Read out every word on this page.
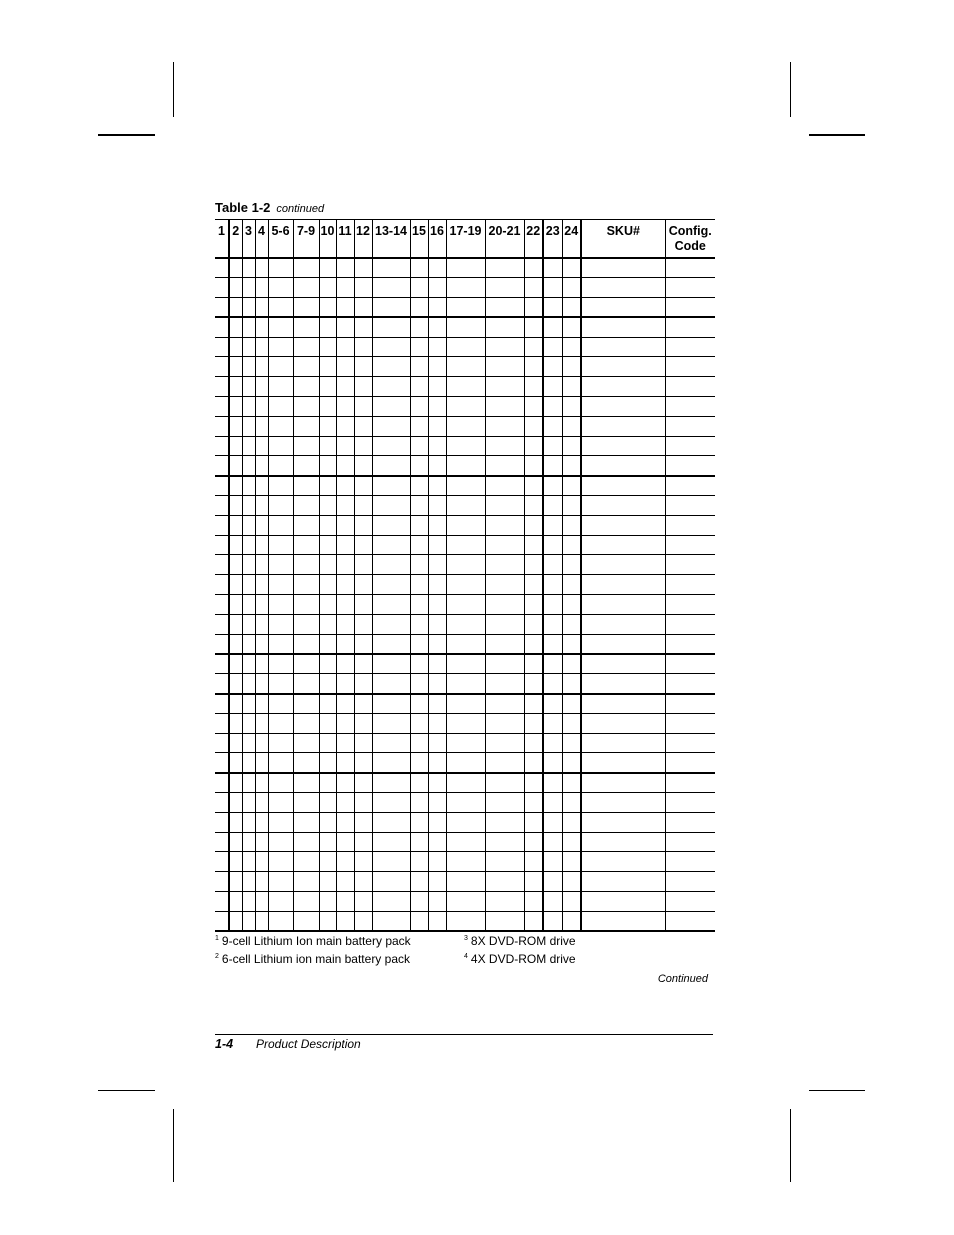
Table 1-2 continued
1	2	3	4	5-6	7-9	10	11	12	13-14	15	16	17-19	20-21	22	23	24	SKU#	Config. Code

$^1$ 9-cell Lithium Ion main battery pack
$^2$ 6-cell Lithium ion main battery pack
$^3$ 8X DVD-ROM drive
$^4$ 4X DVD-ROM drive
Continued
1-4 Product Description
